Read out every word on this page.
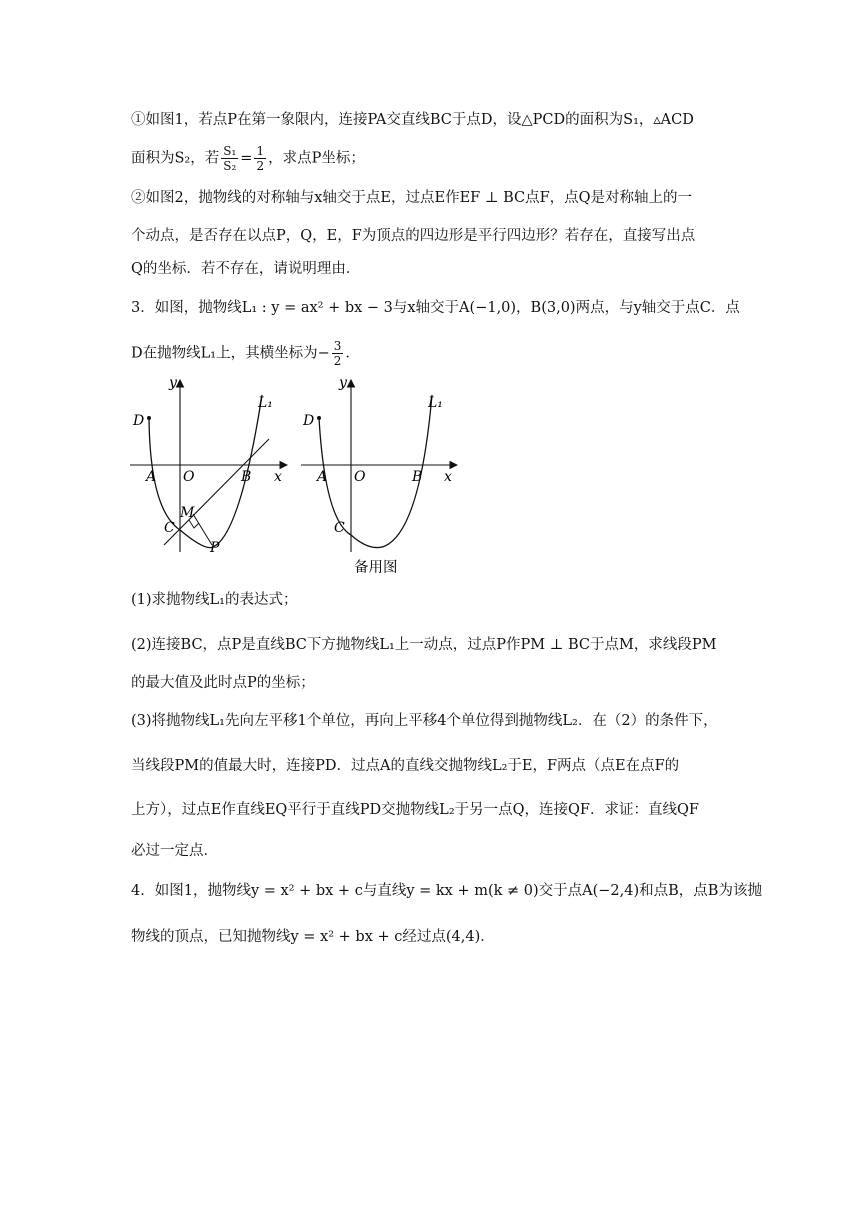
①如图1，若点P在第一象限内，连接PA交直线BC于点D，设△PCD的面积为S₁，▵ACD
面积为S₂，若 $\frac{\text{S₁}}{\text{S₂}} = \frac{1}{2}$ ，求点P坐标；
②如图2，抛物线的对称轴与x轴交于点E，过点E作EF ⊥ BC点F，点Q是对称轴上的一
个动点，是否存在以点P，Q，E，F为顶点的四边形是平行四边形？若存在，直接写出点
Q的坐标．若不存在，请说明理由．
3．如图，抛物线L₁ : y = ax² + bx − 3与x轴交于A(−1,0)，B(3,0)两点，与y轴交于点C．点
D在抛物线L₁上，其横坐标为− $\frac{3}{2}$ ．
y
x
O
A	B
C
D
M
P
L₁
y
x
O
A	B
C
D
L₁
备用图
(1)求抛物线L₁的表达式；
(2)连接BC，点P是直线BC下方抛物线L₁上一动点，过点P作PM ⊥ BC于点M，求线段PM
的最大值及此时点P的坐标；
(3)将抛物线L₁先向左平移1个单位，再向上平移4个单位得到抛物线L₂．在（2）的条件下，
当线段PM的值最大时，连接PD．过点A的直线交抛物线L₂于E，F两点（点E在点F的
上方），过点E作直线EQ平行于直线PD交抛物线L₂于另一点Q，连接QF．求证：直线QF
必过一定点．
4．如图1，抛物线y = x² + bx + c与直线y = kx + m(k ≠ 0)交于点A(−2,4)和点B，点B为该抛
物线的顶点，已知抛物线y = x² + bx + c经过点(4,4)．
